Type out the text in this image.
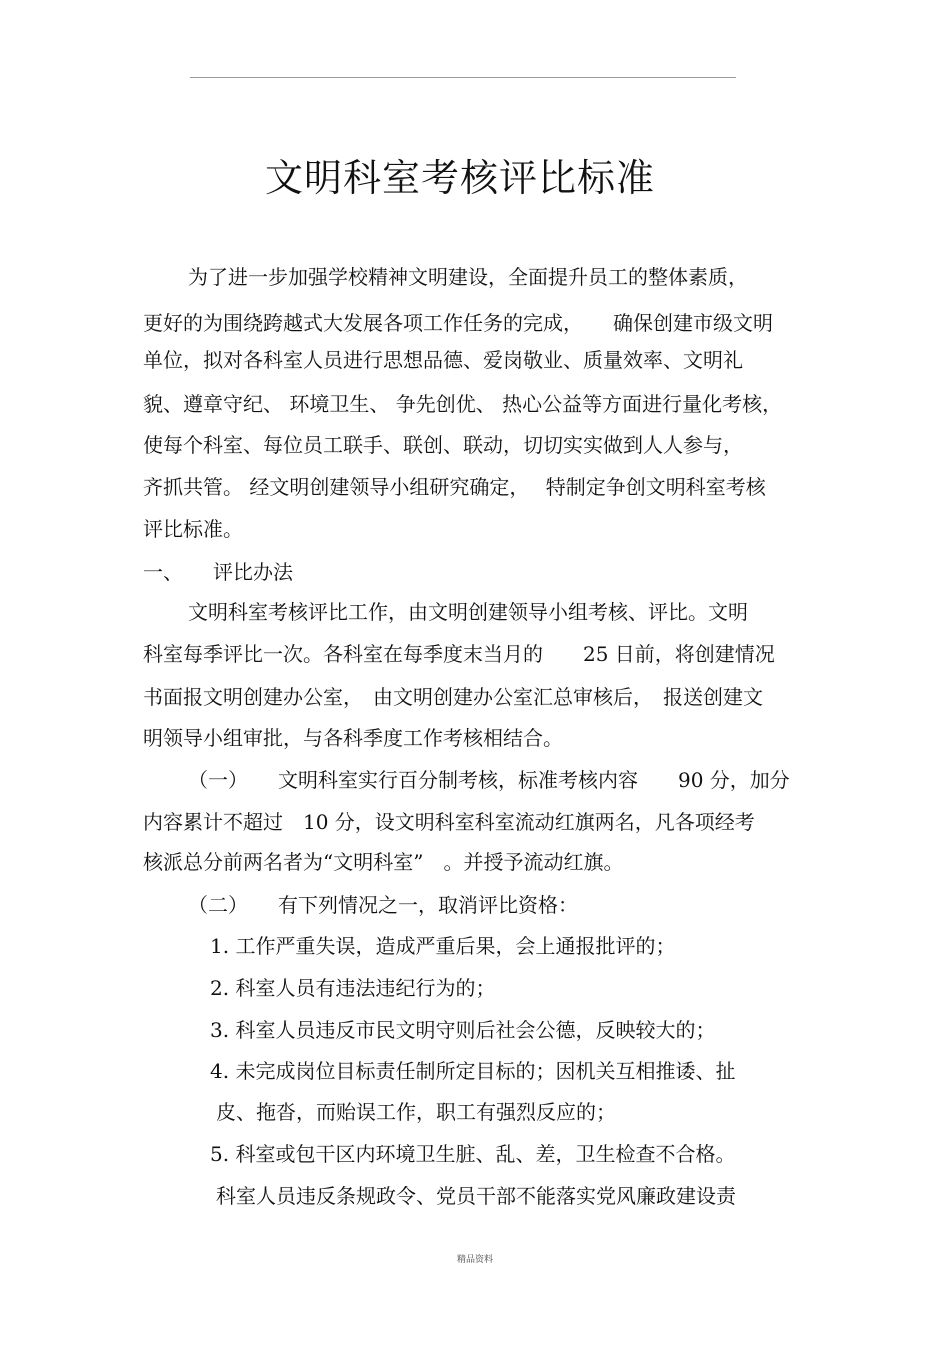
文明科室考核评比标准
为了进一步加强学校精神文明建设，全面提升员工的整体素质，
更好的为围绕跨越式大发展各项工作任务的完成，　　确保创建市级文明
单位，拟对各科室人员进行思想品德、爱岗敬业、质量效率、文明礼
貌、遵章守纪、 环境卫生、 争先创优、 热心公益等方面进行量化考核，
使每个科室、每位员工联手、联创、联动，切切实实做到人人参与，
齐抓共管。 经文明创建领导小组研究确定，　 特制定争创文明科室考核
评比标准。
一、　　评比办法
文明科室考核评比工作，由文明创建领导小组考核、评比。文明
科室每季评比一次。各科室在每季度末当月的　　25 日前，将创建情况
书面报文明创建办公室，　由文明创建办公室汇总审核后，　报送创建文
明领导小组审批，与各科季度工作考核相结合。
（一）　　文明科室实行百分制考核，标准考核内容　　90 分，加分
内容累计不超过　10 分，设文明科室科室流动红旗两名，凡各项经考
核派总分前两名者为“文明科室”　。并授予流动红旗。
（二）　　有下列情况之一，取消评比资格：
1. 工作严重失误，造成严重后果，会上通报批评的；
2. 科室人员有违法违纪行为的；
3. 科室人员违反市民文明守则后社会公德，反映较大的；
4. 未完成岗位目标责任制所定目标的；因机关互相推诿、扯
皮、拖沓，而贻误工作，职工有强烈反应的；
5. 科室或包干区内环境卫生脏、乱、差，卫生检查不合格。
科室人员违反条规政令、党员干部不能落实党风廉政建设责
精品资料
